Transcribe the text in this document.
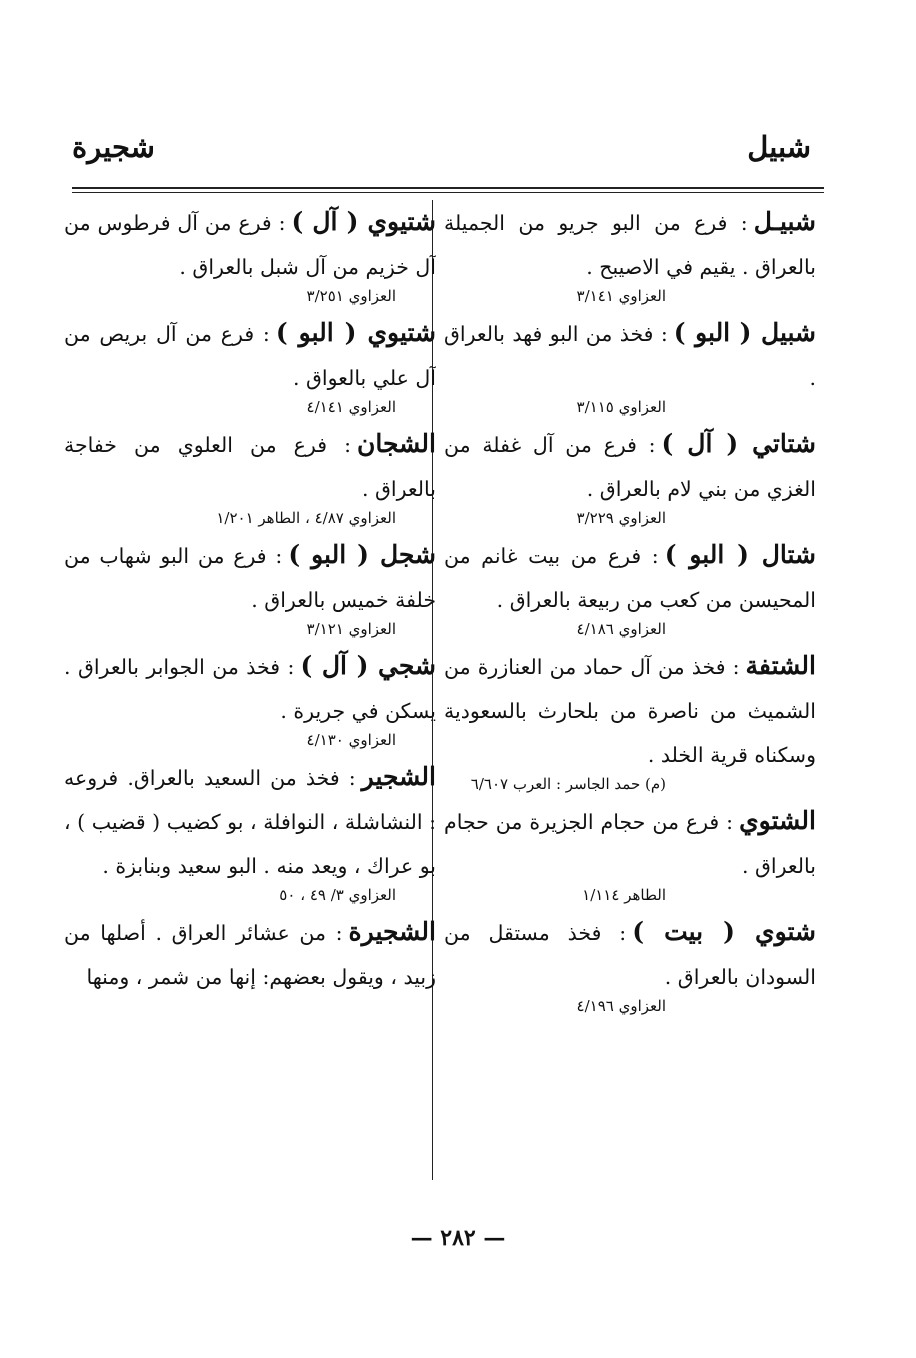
شبيل
شجيرة
شبيـل: فرع من البو جريو من الجميلة بالعراق . يقيم في الاصيبح .
العزاوي ٣/١٤١
شبيل ( البو ): فخذ من البو فهد بالعراق .
العزاوي ٣/١١٥
شتاتي ( آل ): فرع من آل غفلة من الغزي من بني لام بالعراق .
العزاوي ٣/٢٢٩
شتال ( البو ): فرع من بيت غانم من المحيسن من كعب من ربيعة بالعراق .
العزاوي ٤/١٨٦
الشتفة: فخذ من آل حماد من العنازرة من الشميث من ناصرة من بلحارث بالسعودية وسكناه قرية الخلد .
(م) حمد الجاسر : العرب ٦/٦٠٧
الشتوي: فرع من حجام الجزيرة من حجام بالعراق .
الطاهر ١/١١٤
شتوي ( بيت ): فخذ مستقل من السودان بالعراق .
العزاوي ٤/١٩٦
شتيوي ( آل ): فرع من آل فرطوس من آل خزيم من آل شبل بالعراق .
العزاوي ٣/٢٥١
شتيوي ( البو ): فرع من آل بريص من آل علي بالعواق .
العزاوي ٤/١٤١
الشجان: فرع من العلوي من خفاجة بالعراق .
العزاوي ٤/٨٧ ، الطاهر ١/٢٠١
شجل ( البو ): فرع من البو شهاب من خلفة خميس بالعراق .
العزاوي ٣/١٢١
شجي ( آل ): فخذ من الجوابر بالعراق . يسكن في جريرة .
العزاوي ٤/١٣٠
الشجير: فخذ من السعيد بالعراق. فروعه : النشاشلة ، النوافلة ، بو كضيب ( قضيب ) ، بو عراك ، ويعد منه . البو سعيد وبنابزة .
العزاوي ٣/ ٤٩ ، ٥٠
الشجيرة: من عشائر العراق . أصلها من زبيد ، ويقول بعضهم: إنها من شمر ، ومنها
— ٢٨٢ —
